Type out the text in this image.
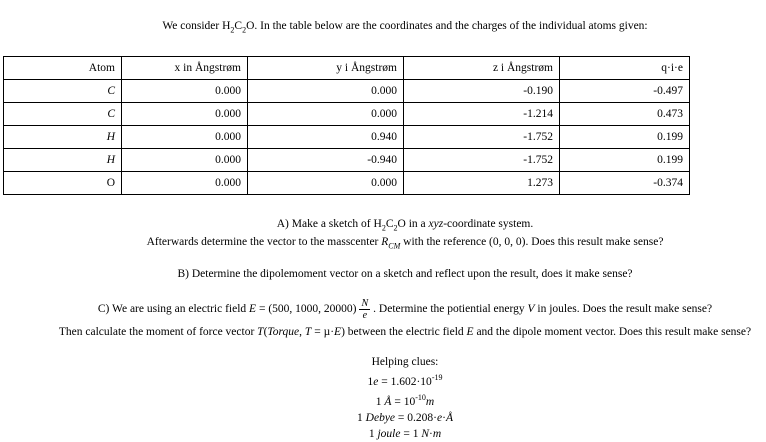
We consider $H_2C_2O$. In the table below are the coordinates and the charges of the individual atoms given:
Atom	x in Ångstrøm	y i Ångstrøm	z i Ångstrøm	q·i·e
C	0.000	0.000	-0.190	-0.497
C	0.000	0.000	-1.214	0.473
H	0.000	0.940	-1.752	0.199
H	0.000	-0.940	-1.752	0.199
O	0.000	0.000	1.273	-0.374
A) Make a sketch of $H_2C_2O$ in a xyz-coordinate system.
Afterwards determine the vector to the masscenter $R_{CM}$ with the reference (0, 0, 0). Does this result make sense?
B) Determine the dipolemoment vector on a sketch and reflect upon the result, does it make sense?
C) We are using an electric field E = (500, 1000, $20000) \frac{N}{e}$ . Determine the potiential energy V in joules. Does the result make sense?
Then calculate the moment of force vector T(Torque, T = µ·E) between the electric field E and the dipole moment vector. Does this result make sense?
Helping clues:
$1e = 1.602\cdot 10^{-19}$
1 Å = $10^{-10}m$
1 Debye = 0.208·e·Å
1 joule = 1 N·m
